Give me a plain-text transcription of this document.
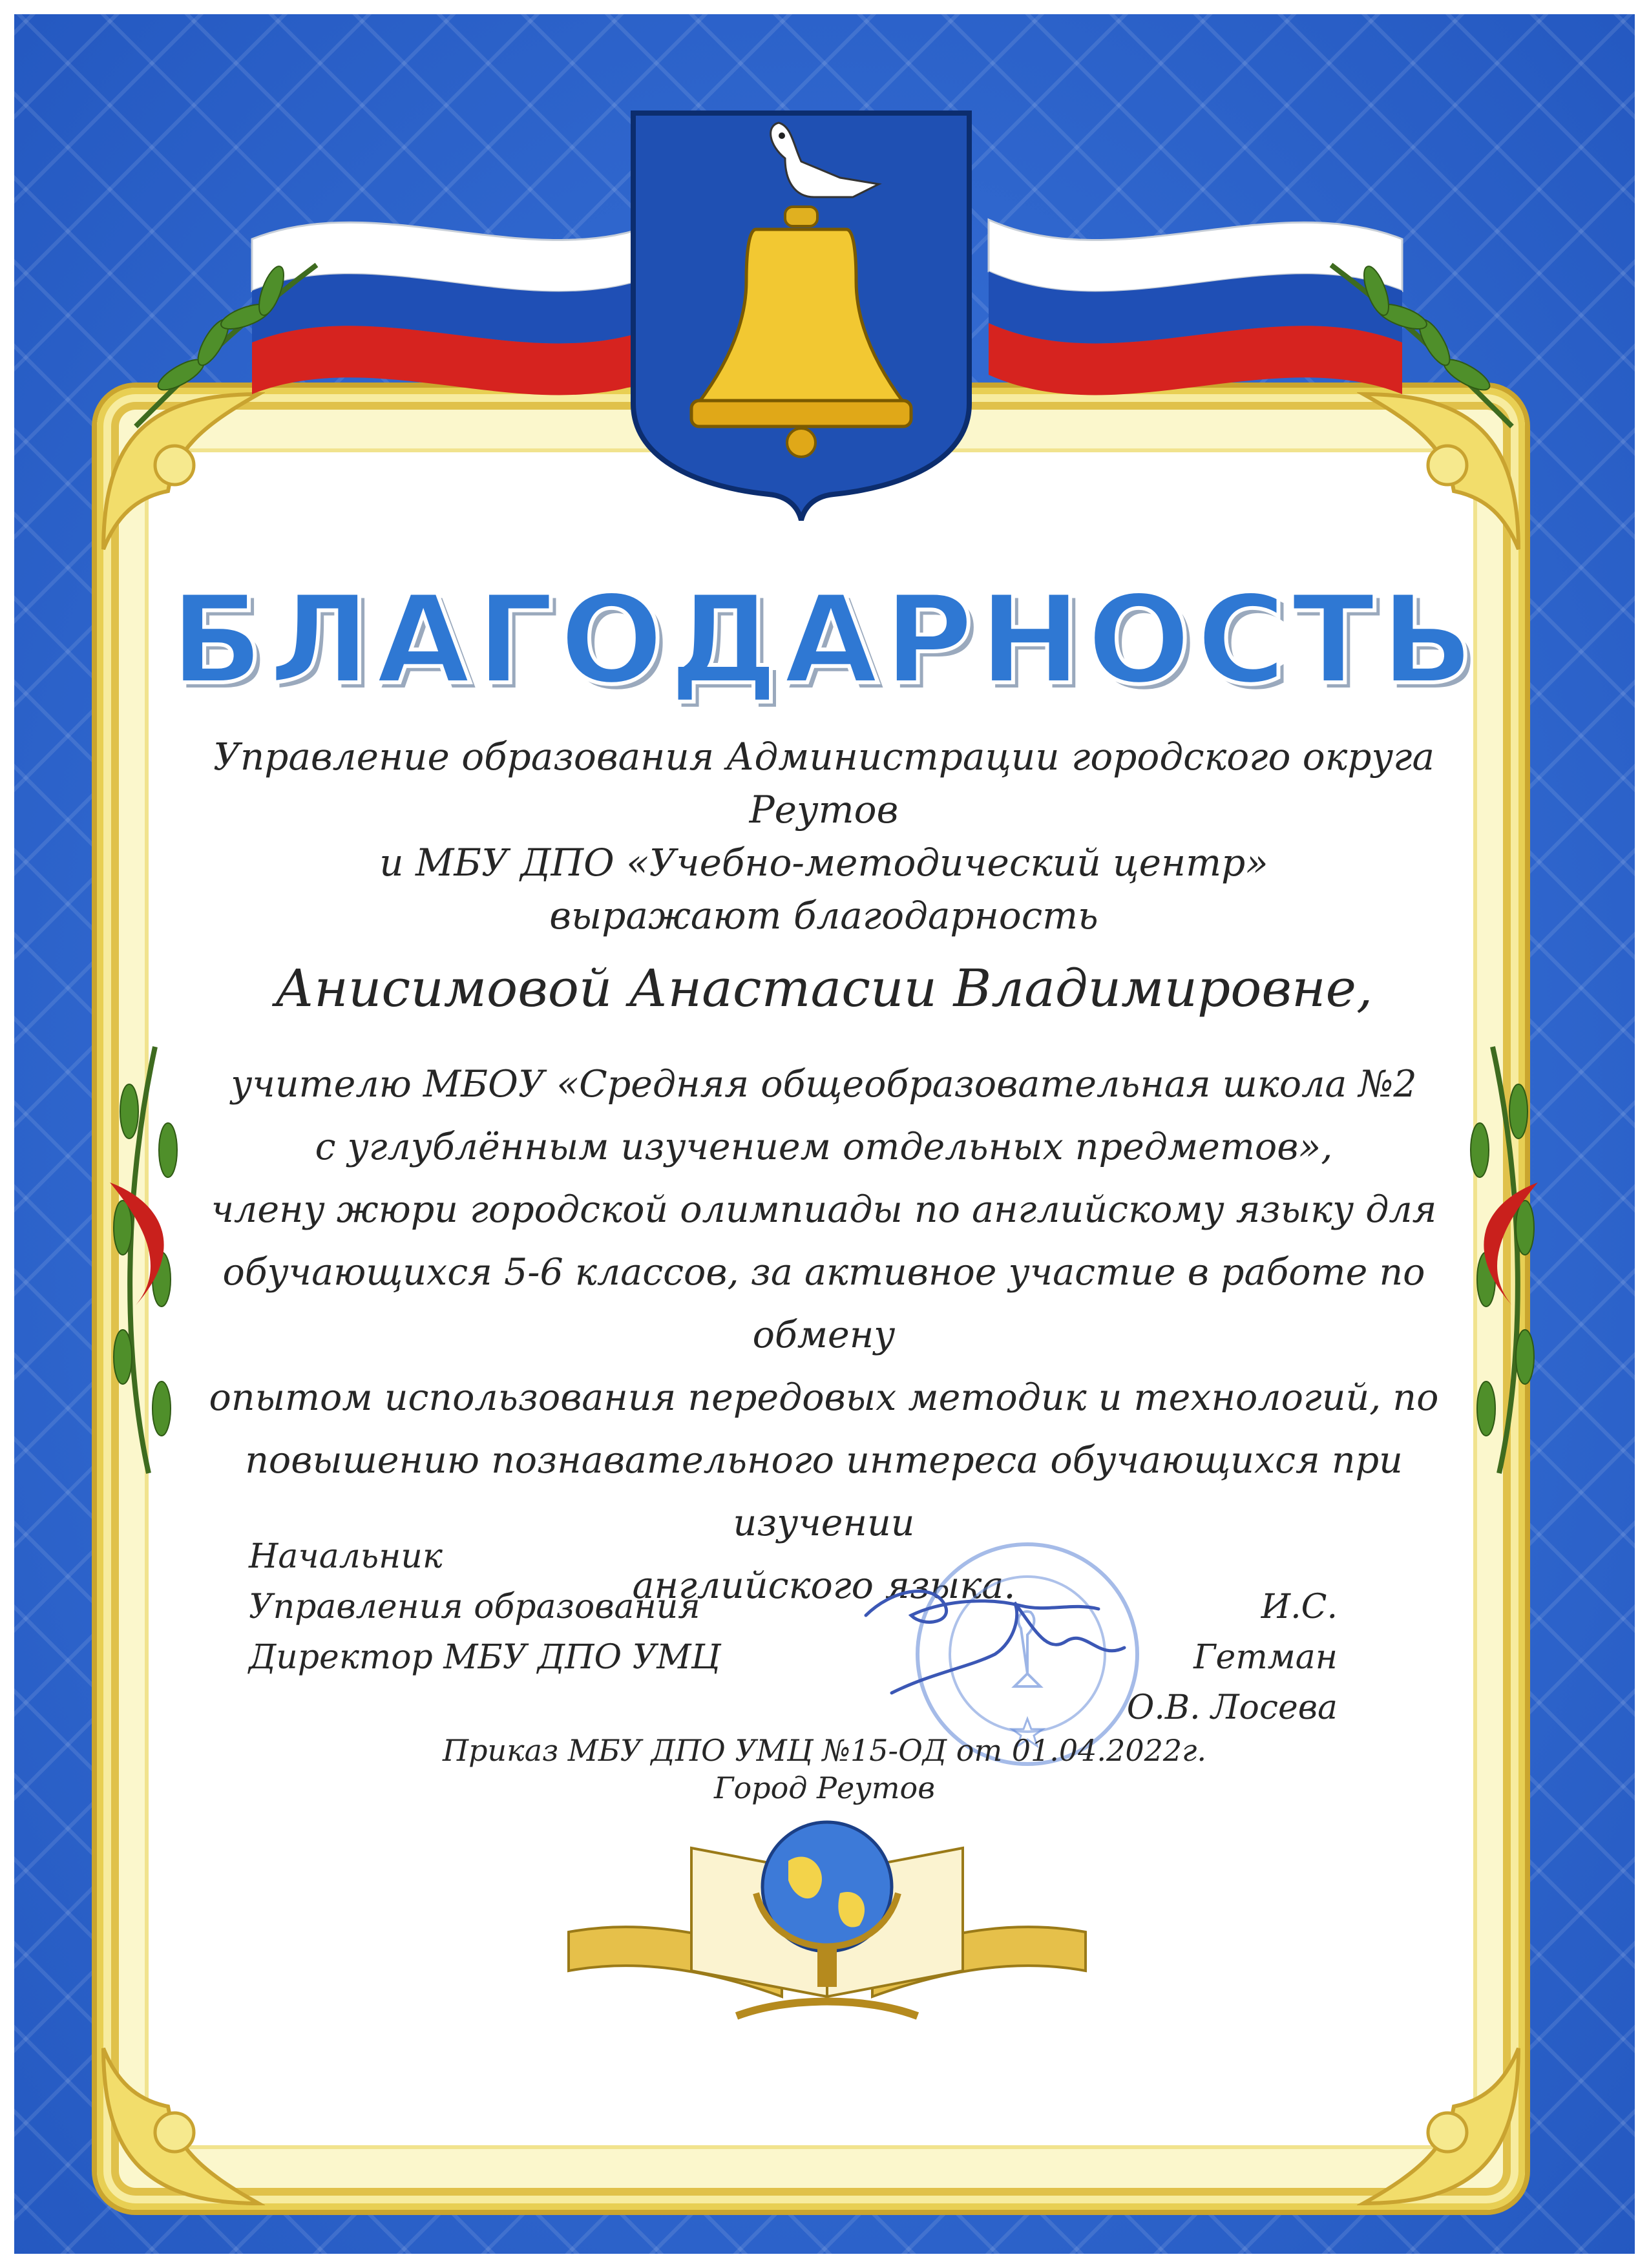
БЛАГОДАРНОСТЬ
Управление образования Администрации городского округа Реутов
и МБУ ДПО «Учебно-методический центр»
выражают благодарность
Анисимовой Анастасии Владимировне,
учителю МБОУ «Средняя общеобразовательная школа №2
с углублённым изучением отдельных предметов»,
члену жюри городской олимпиады по английскому языку для
обучающихся 5-6 классов, за активное участие в работе по обмену
опытом использования передовых методик и технологий, по
повышению познавательного интереса обучающихся при изучении
английского языка.
Начальник
Управления образования
Директор МБУ ДПО УМЦ
И.С. Гетман
О.В. Лосева
Приказ МБУ ДПО УМЦ №15-ОД от 01.04.2022г.
Город Реутов
